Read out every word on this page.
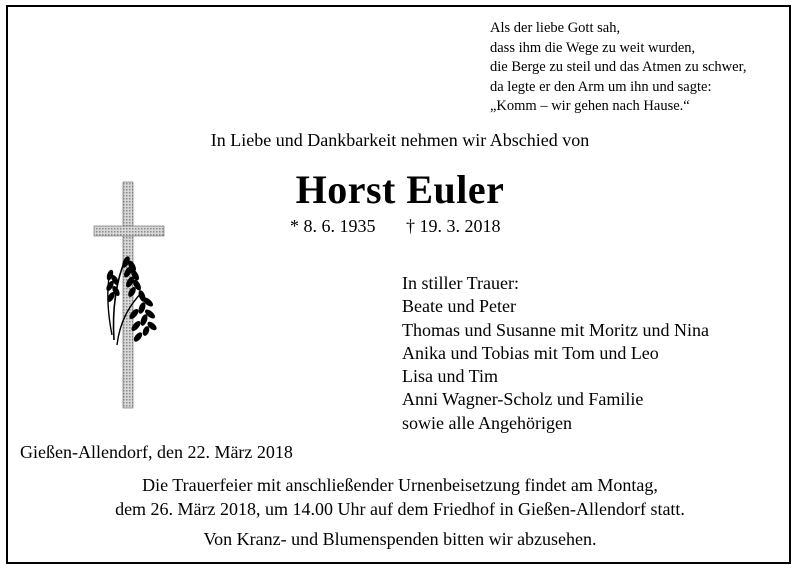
Als der liebe Gott sah,
dass ihm die Wege zu weit wurden,
die Berge zu steil und das Atmen zu schwer,
da legte er den Arm um ihn und sagte:
„Komm – wir gehen nach Hause.“
In Liebe und Dankbarkeit nehmen wir Abschied von
Horst Euler
* 8. 6. 1935 † 19. 3. 2018
In stiller Trauer:
Beate und Peter
Thomas und Susanne mit Moritz und Nina
Anika und Tobias mit Tom und Leo
Lisa und Tim
Anni Wagner-Scholz und Familie
sowie alle Angehörigen
Gießen-Allendorf, den 22. März 2018
Die Trauerfeier mit anschließender Urnenbeisetzung findet am Montag,
dem 26. März 2018, um 14.00 Uhr auf dem Friedhof in Gießen-Allendorf statt.
Von Kranz- und Blumenspenden bitten wir abzusehen.
